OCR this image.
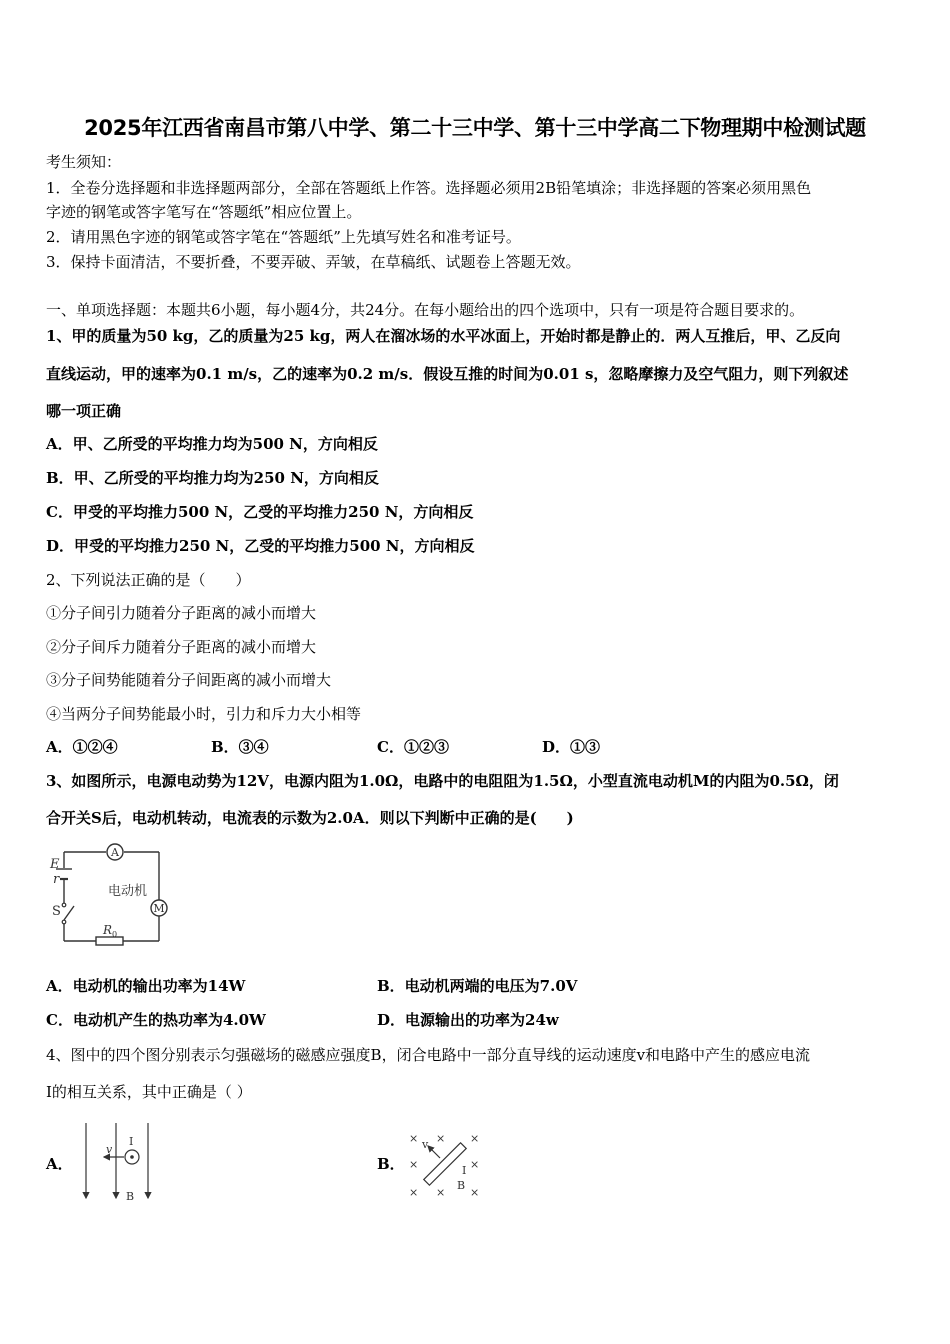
2025年江西省南昌市第八中学、第二十三中学、第十三中学高二下物理期中检测试题
考生须知：
1．全卷分选择题和非选择题两部分，全部在答题纸上作答。选择题必须用2B铅笔填涂；非选择题的答案必须用黑色
字迹的钢笔或答字笔写在“答题纸”相应位置上。
2．请用黑色字迹的钢笔或答字笔在“答题纸”上先填写姓名和准考证号。
3．保持卡面清洁，不要折叠，不要弄破、弄皱，在草稿纸、试题卷上答题无效。
一、单项选择题：本题共6小题，每小题4分，共24分。在每小题给出的四个选项中，只有一项是符合题目要求的。
1、甲的质量为50 kg，乙的质量为25 kg，两人在溜冰场的水平冰面上，开始时都是静止的．两人互推后，甲、乙反向
直线运动，甲的速率为0.1 m/s，乙的速率为0.2 m/s．假设互推的时间为0.01 s，忽略摩擦力及空气阻力，则下列叙述
哪一项正确
A．甲、乙所受的平均推力均为500 N，方向相反
B．甲、乙所受的平均推力均为250 N，方向相反
C．甲受的平均推力500 N，乙受的平均推力250 N，方向相反
D．甲受的平均推力250 N，乙受的平均推力500 N，方向相反
2、下列说法正确的是（　　）
①分子间引力随着分子距离的减小而增大
②分子间斥力随着分子距离的减小而增大
③分子间势能随着分子间距离的减小而增大
④当两分子间势能最小时，引力和斥力大小相等
A．①②④	B．③④	C．①②③	D．①③
3、如图所示，电源电动势为12V，电源内阻为1.0Ω，电路中的电阻阻为1.5Ω，小型直流电动机M的内阻为0.5Ω，闭
合开关S后，电动机转动，电流表的示数为2.0A．则以下判断中正确的是(　　)
A
M
E
r
S
$R_0$
电动机
A．电动机的输出功率为14W	B．电动机两端的电压为7.0V
C．电动机产生的热功率为4.0W	D．电源输出的功率为24w
4、图中的四个图分别表示匀强磁场的磁感应强度B，闭合电路中一部分直导线的运动速度v和电路中产生的感应电流
I的相互关系，其中正确是（ ）
A．	B．
v
I
B
× × ×
×	×
× × ×
v
I
B
